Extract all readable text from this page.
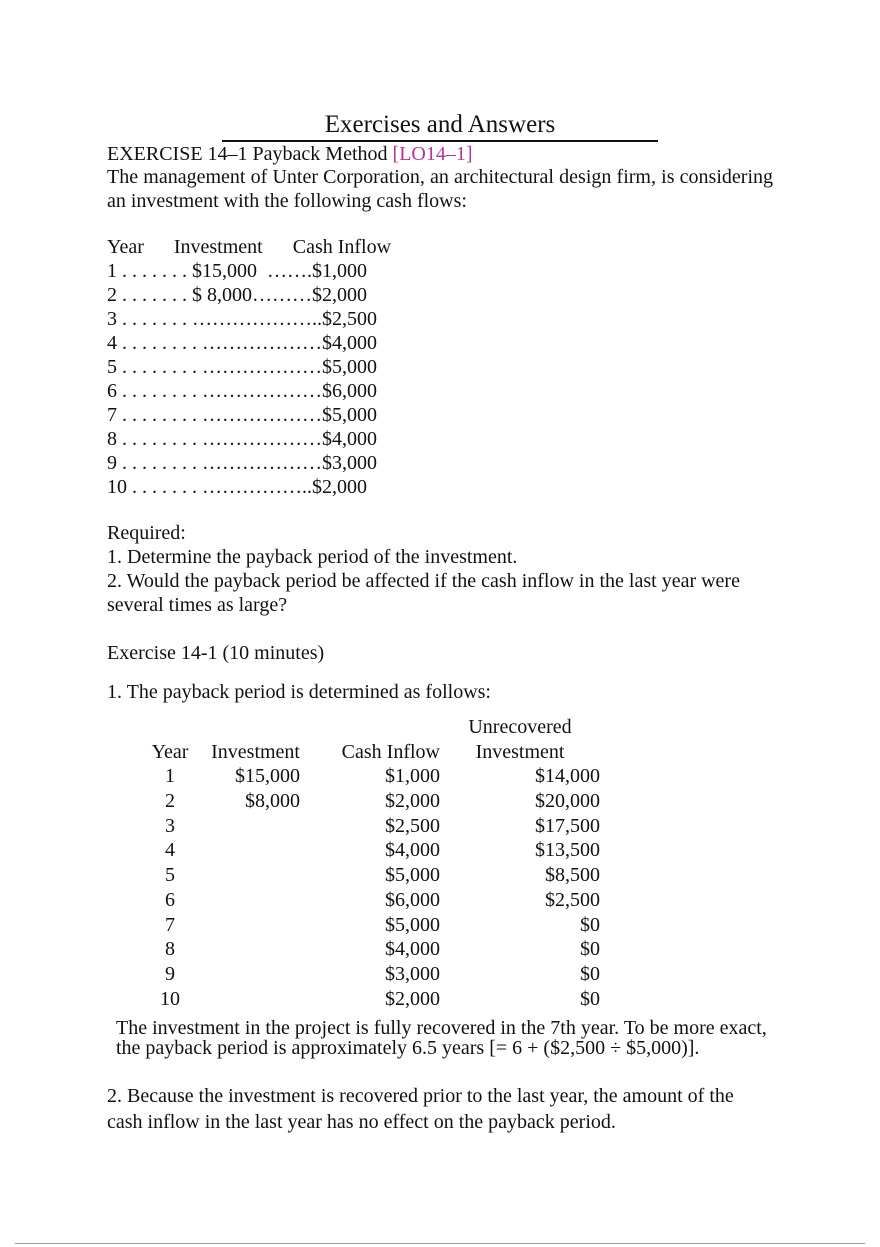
Exercises and Answers
EXERCISE 14–1 Payback Method [LO14–1]
The management of Unter Corporation, an architectural design firm, is considering an investment with the following cash flows:
Year      Investment      Cash Inflow
1 . . . . . . . $15,000  …….$1,000
2 . . . . . . . $ 8,000………$2,000
3 . . . . . . . ………………..$2,500
4 . . . . . . . . ………………$4,000
5 . . . . . . . . ………………$5,000
6 . . . . . . . . ………………$6,000
7 . . . . . . . . ………………$5,000
8 . . . . . . . . ………………$4,000
9 . . . . . . . . ………………$3,000
10 . . . . . . . ……………..$2,000
Required:
1. Determine the payback period of the investment.
2. Would the payback period be affected if the cash inflow in the last year were several times as large?
Exercise 14-1 (10 minutes)
1. The payback period is determined as follows:
			Unrecovered
Year	Investment	Cash Inflow	Investment
1	$15,000	$1,000	$14,000
2	$8,000	$2,000	$20,000
3		$2,500	$17,500
4		$4,000	$13,500
5		$5,000	$8,500
6		$6,000	$2,500
7		$5,000	$0
8		$4,000	$0
9		$3,000	$0
10		$2,000	$0
The investment in the project is fully recovered in the 7th year. To be more exact, the payback period is approximately 6.5 years [= 6 + ($2,500 ÷ $5,000)].
2. Because the investment is recovered prior to the last year, the amount of the cash inflow in the last year has no effect on the payback period.
